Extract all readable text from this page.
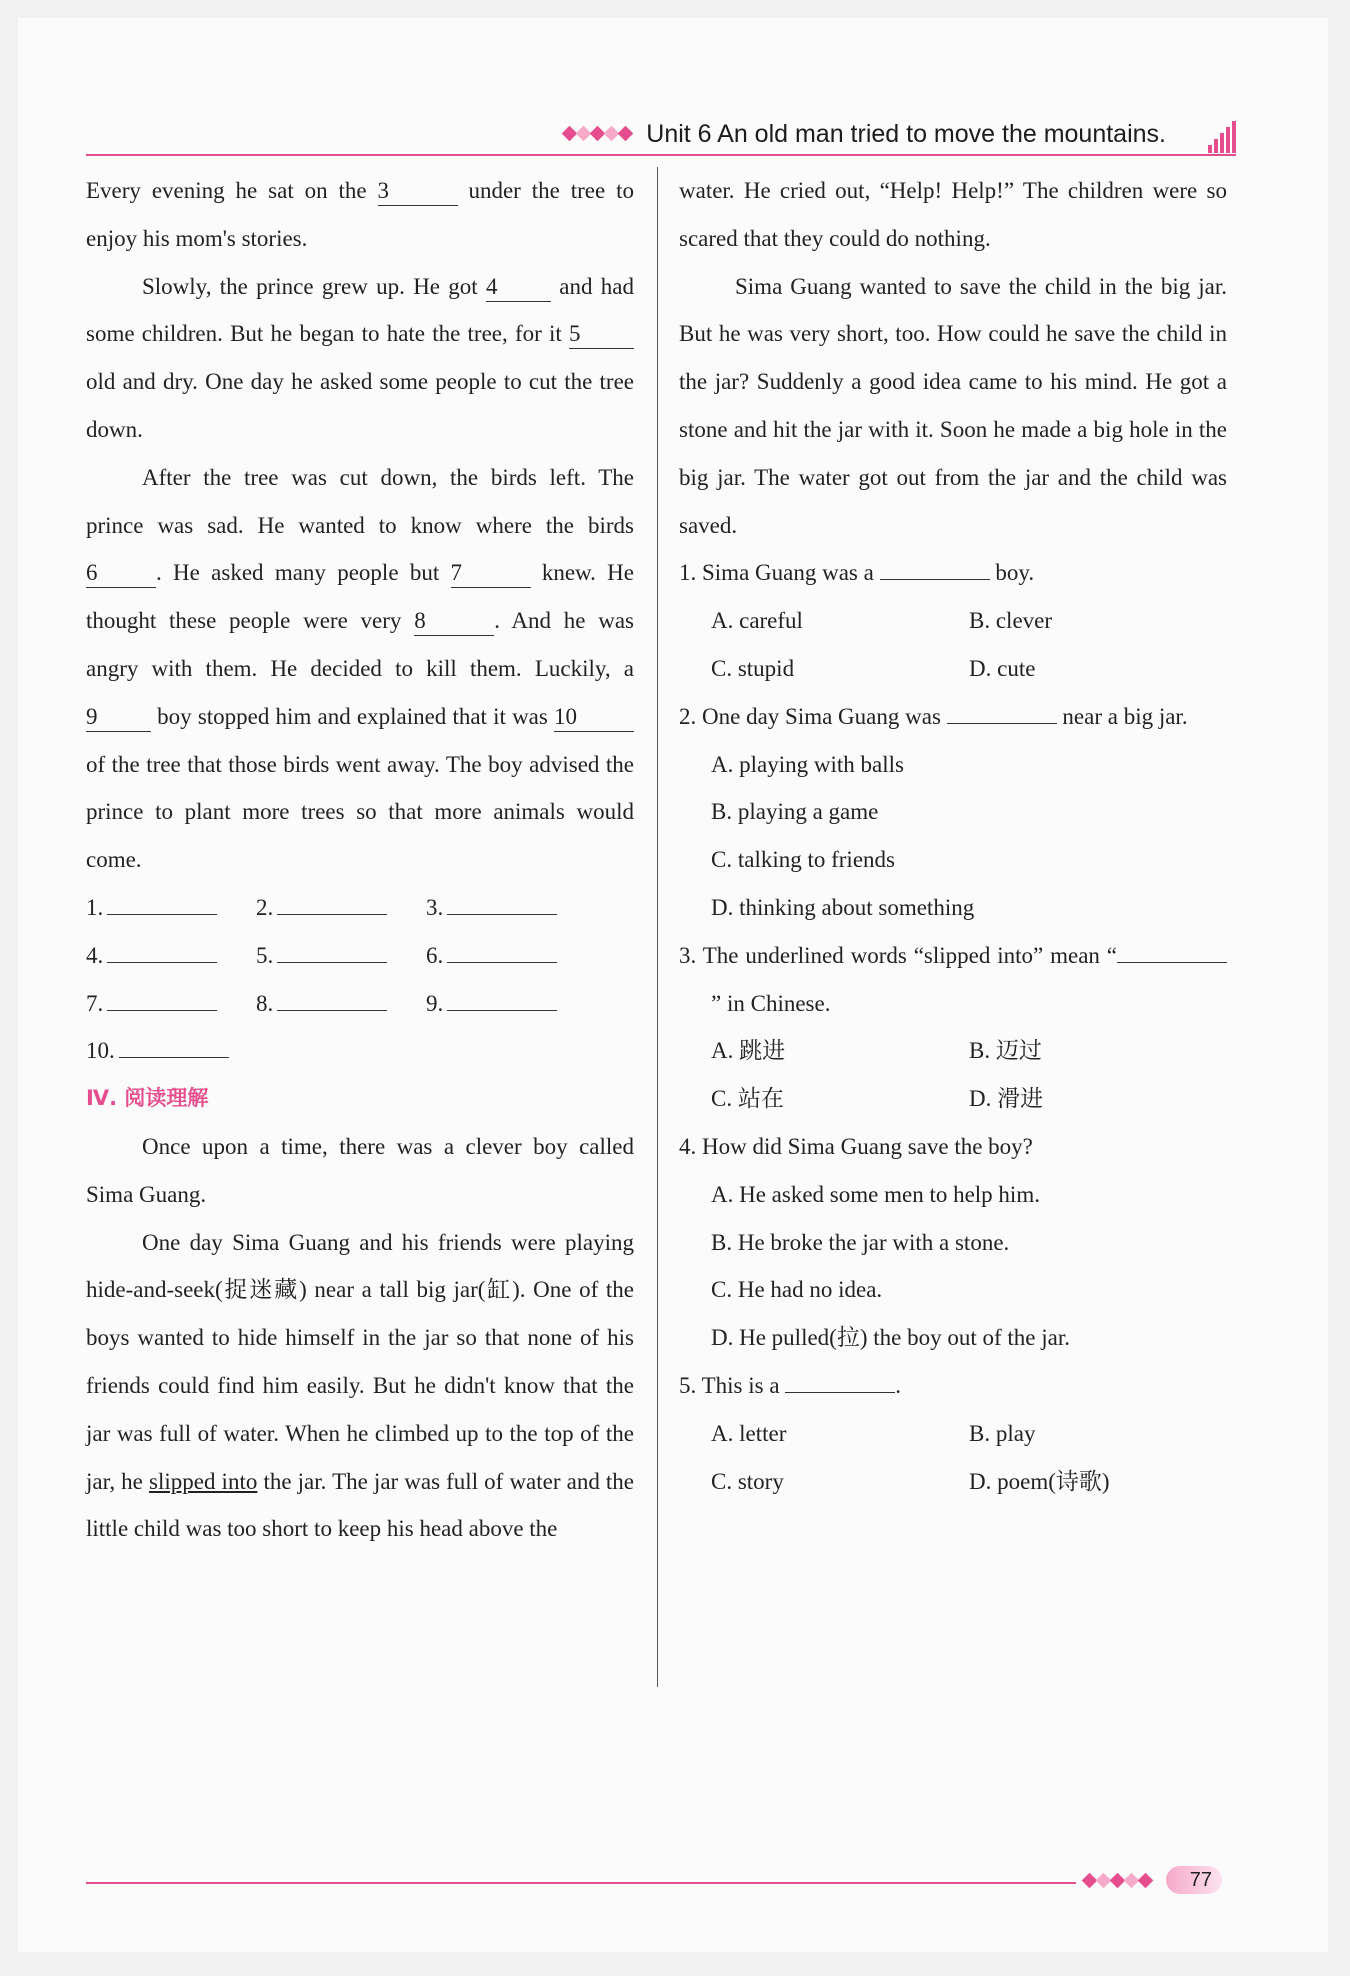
Unit 6 An old man tried to move the mountains.
Every evening he sat on the 3	under the tree to enjoy his mom's stories.
Slowly, the prince grew up. He got 4	and had some children. But he began to hate the tree, for it 5 old and dry. One day he asked some people to cut the tree down.
After the tree was cut down, the birds left. The prince was sad. He wanted to know where the birds 6	. He asked many people but 7	knew. He thought these people were very 8	. And he was angry with them. He decided to kill them. Luckily, a 9	boy stopped him and explained that it was 10 of the tree that those birds went away. The boy advised the prince to plant more trees so that more animals would come.
1.	2.	3.
4.	5.	6.
7.	8.	9.
10.
Ⅳ. 阅读理解
Once upon a time, there was a clever boy called Sima Guang.
One day Sima Guang and his friends were playing hide-and-seek(捉迷藏) near a tall big jar(缸). One of the boys wanted to hide himself in the jar so that none of his friends could find him easily. But he didn't know that the jar was full of water. When he climbed up to the top of the jar, he slipped into the jar. The jar was full of water and the little child was too short to keep his head above the
water. He cried out, “Help! Help!” The children were so scared that they could do nothing.
Sima Guang wanted to save the child in the big jar. But he was very short, too. How could he save the child in the jar? Suddenly a good idea came to his mind. He got a stone and hit the jar with it. Soon he made a big hole in the big jar. The water got out from the jar and the child was saved.
1. Sima Guang was a	boy.
A. careful	B. clever
C. stupid	D. cute
2. One day Sima Guang was	near a big jar.
A. playing with balls
B. playing a game
C. talking to friends
D. thinking about something
3. The underlined words “slipped into” mean “” in Chinese.
A. 跳进	B. 迈过
C. 站在	D. 滑进
4. How did Sima Guang save the boy?
A. He asked some men to help him.
B. He broke the jar with a stone.
C. He had no idea.
D. He pulled(拉) the boy out of the jar.
5. This is a	.
A. letter	B. play
C. story	D. poem(诗歌)
77
